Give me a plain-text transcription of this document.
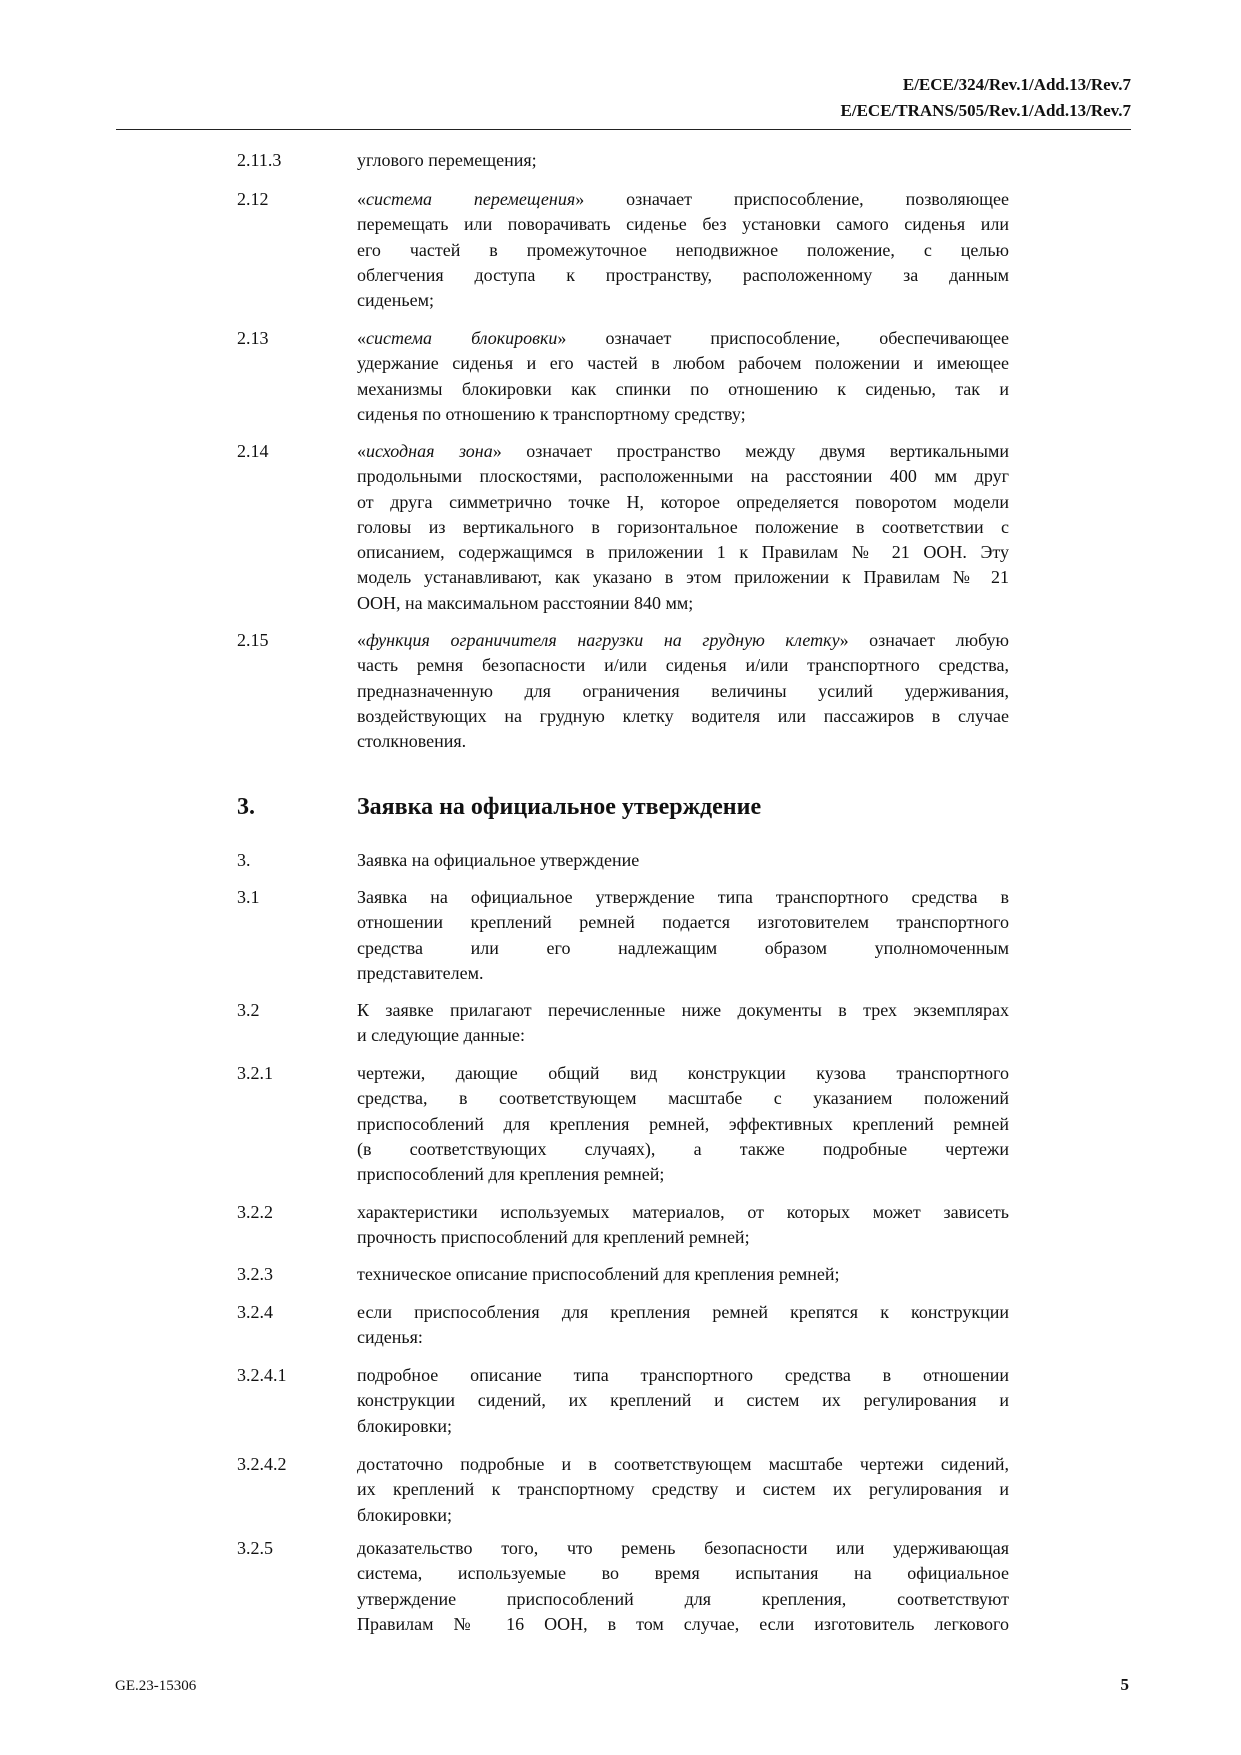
E/ECE/324/Rev.1/Add.13/Rev.7
E/ECE/TRANS/505/Rev.1/Add.13/Rev.7
2.11.3	углового перемещения;
2.12	«система перемещения» означает приспособление, позволяющее
перемещать или поворачивать сиденье без установки самого сиденья или
его частей в промежуточное неподвижное положение, с целью
облегчения доступа к пространству, расположенному за данным
сиденьем;
2.13	«система блокировки» означает приспособление, обеспечивающее
удержание сиденья и его частей в любом рабочем положении и имеющее
механизмы блокировки как спинки по отношению к сиденью, так и
сиденья по отношению к транспортному средству;
2.14	«исходная зона» означает пространство между двумя вертикальными
продольными плоскостями, расположенными на расстоянии 400 мм друг
от друга симметрично точке H, которое определяется поворотом модели
головы из вертикального в горизонтальное положение в соответствии с
описанием, содержащимся в приложении 1 к Правилам № 21 ООН. Эту
модель устанавливают, как указано в этом приложении к Правилам № 21
ООН, на максимальном расстоянии 840 мм;
2.15	«функция ограничителя нагрузки на грудную клетку» означает любую
часть ремня безопасности и/или сиденья и/или транспортного средства,
предназначенную для ограничения величины усилий удерживания,
воздействующих на грудную клетку водителя или пассажиров в случае
столкновения.
3.	Заявка на официальное утверждение
3.	Заявка на официальное утверждение
3.1	Заявка на официальное утверждение типа транспортного средства в
отношении креплений ремней подается изготовителем транспортного
средства или его надлежащим образом уполномоченным
представителем.
3.2	К заявке прилагают перечисленные ниже документы в трех экземплярах
и следующие данные:
3.2.1	чертежи, дающие общий вид конструкции кузова транспортного
средства, в соответствующем масштабе с указанием положений
приспособлений для крепления ремней, эффективных креплений ремней
(в соответствующих случаях), а также подробные чертежи
приспособлений для крепления ремней;
3.2.2	характеристики используемых материалов, от которых может зависеть
прочность приспособлений для креплений ремней;
3.2.3	техническое описание приспособлений для крепления ремней;
3.2.4	если приспособления для крепления ремней крепятся к конструкции
сиденья:
3.2.4.1	подробное описание типа транспортного средства в отношении
конструкции сидений, их креплений и систем их регулирования и
блокировки;
3.2.4.2	достаточно подробные и в соответствующем масштабе чертежи сидений,
их креплений к транспортному средству и систем их регулирования и
блокировки;
3.2.5	доказательство того, что ремень безопасности или удерживающая
система, используемые во время испытания на официальное
утверждение приспособлений для крепления, соответствуют
Правилам № 16 ООН, в том случае, если изготовитель легкового
GE.23-15306	5
